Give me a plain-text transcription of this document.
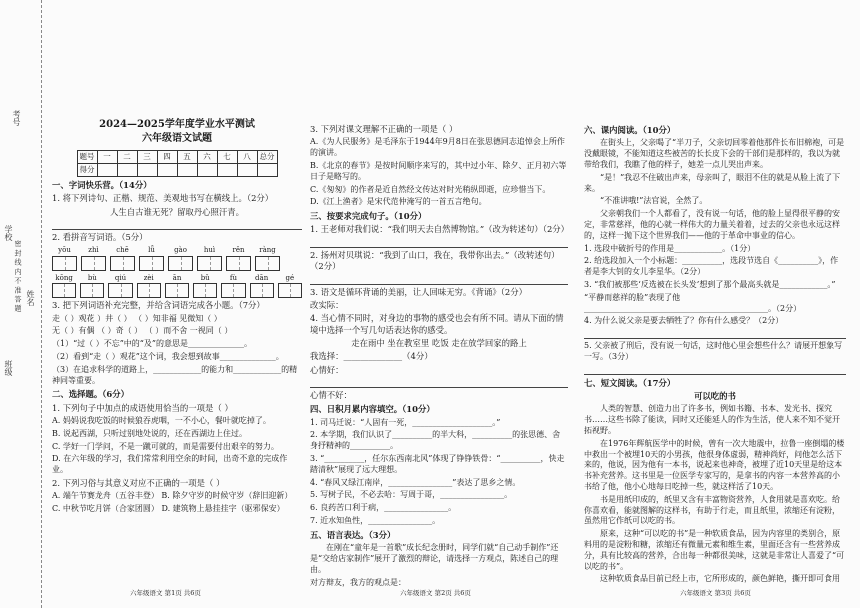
考号
学校
密 封 线 内 不 准 答 题
班级
姓名
2024—2025学年度学业水平测试
六年级语文试题
题号	一	二	三	四	五	六	七	八	总分
得分									
一、字词快乐营。（14分）
1. 将下列诗句、正楷、规范、美观地书写在横线上。（2分）
人生自古谁无死？留取丹心照汗青。
2. 看拼音写词语。（5分）
yōu	zhì	chē	lǚ	gào	huì	rěn	ràng
kōng	bù	qiú	zèi	ān	bǔ	fù	dān	gé
3. 把下列词语补充完整，并给含词语完成各小题。（7分）
走（ ）观花 ）井（ ） （ ）知非福 见微知（ ）
无（ ）有偶 （ ）奇（ ） （ ）而不舍 一视同（ ）
（1）“过（ ）不忘”中的“及”的意思是______________。
（2）看到“走（ ）观花”这个词，我会想到故事______________。
（3）在追求科学的道路上，____________的能力和____________的精神同等重要。
二、选择题。（6分）
1. 下列句子中加点的成语使用恰当的一项是（ ）
A. 妈妈说我吃饭的时候狼吞虎咽，一不小心，餐叶就吃掉了。
B. 说起西湖，只听过别地处说的，还在西湖边上住过。
C. 学好一门学问，不是一蹴可就的，而是需要付出艰辛的努力。
D. 在六年级的学习，我们常常利用空余的时间，出奇不意的完成作业。
2. 下列习俗与其意义对应不正确的一项是（ ）
A. 端午节赛龙舟（五谷丰登） B. 除夕守岁的时候守岁（辞旧迎新）
C. 中秋节吃月饼（合家团圆） D. 建筑物上悬挂挂字（驱邪保安）
六年级语文 第1页 共6页
3. 下列对课文理解不正确的一项是（ ）
A.《为人民服务》是毛泽东于1944年9月8日在张思德同志追悼会上所作的演讲。
B.《北京的春节》是按时间顺序来写的，其中过小年、除夕、正月初六等日子是略写的。
C.《匆匆》的作者是近自然经文传达对时光稍纵即逝，应珍惜当下。
D.《江上渔者》是宋代范仲淹写的一首五言绝句。
三、按要求完成句子。（10分）
1. 王老师对我们说：“我们明天去自然博物馆。”（改为转述句）（2分）
2. 扬州对贝琪说：“我到了山口，我在，我带你出去。”（改转述句）（2分）
3. 语文是循环背诵的美丽，让人回味无穷。《背诵》（2分）
改实际：
4. 当心情不同时，对身边的事物的感受也会有所不同。请从下面的情境中选择一个写几句话表达你的感受。
走在雨中 坐在教室里 吃饭 走在放学回家的路上
我选择：______________（4分）
心情好：
心情不好：
四、日积月累内容填空。（10分）
1. 司马迁说：“人固有一死，____________________。”
2. 本学期，我们认识了__________的半大科，__________的张思德、舍身抒精神的__________。
3. “__________，任尔东西南北风”体现了铮铮铁骨：“__________，快走踏清秋”展现了远大理想。
4. “春风又绿江南岸，________________”表达了思乡之情。
5. 写树子民，不必去哈：写周于哥，________________。
6. 良药苦口利于病，________________。
7. 近水知鱼性，________________。
五、语言表达。（3分）
在刚在“童年是一首歌”成长纪念册时，同学们就“自己动手制作”还是“交给店家制作”展开了激烈的辩论，请选择一方观点，陈述自己的理由。
对方辩友，我方的观点是：
六年级语文 第2页 共6页
六、课内阅读。（10分）
在街头上，父亲喝了“半刀子，父亲切回零着他那件长布旧棉袍，可是没戴眼镜，不能知道这些被苦的长长皮下会的干部们是那样的，我以为就带给我们，我瞧了他的样子，她差一点儿哭出声来。
“是！”我忍不住破出声来，母亲叫了，眼泪不住的就是从脸上流了下来。
“不准讲哦!”法官说，全然了。
父亲朝我们一个人都看了，没有说一句话，他的脸上显得很平静的安定，非常慈祥，他的心就一样伟大的力量关着着，过去的父亲也永远这样的，这样一抛下这个世界我们——他的于革命中事业的信心。
1. 选段中破折号的作用是____________。（1分）
2. 给选段加入一个小标题：__________，选段节选自《__________》，作者是李大钊的女儿李星华。（2分）
3. “我们被那些‘反选被在长头发’想到了那个最高头就是____________。”
“平静而慈祥的脸”表现了他______________________________________________。（2分）
4. 为什么说父亲是要去牺牲了？你有什么感受？（2分）
5. 父亲被了刑后，没有说一句话，这时他心里会想些什么？请展开想象写一写。（3分）
七、短文阅读。（17分）
可以吃的书
人类的智慧、创造力出了许多书，例如书籍、书本、发光书、探究书……这些书除了能读，同时又还能延人的作为生活，使人来不知不觉开拓视野。
在1976年辉航医学中的时候，曾有一次大地震中，拉鲁一座倒塌的楼中救出一个被埋10天的小男孩，他很身体虚弱，精神尚好，问他怎么活下来的，他说，因为他有一本书，说起来也神奇，被埋了近10天里是给这本书补充营养。这书里是一位医学专家写的，是拿书的内容一本营养高的小书给了他，他小心地每日吃掉一些，就这样活了10天。
书是用纸印成的，纸里又含有丰富物资营养，人食用就是喜欢吃。给你喜欢看，能就图解的这样书，有助于行走，而且纸里，浓缩还有淀粉，虽然用它作纸可以吃的书。
原来，这种“可以吃的书”是一种软质食品，因为内容里的类别合，原料用的是淀粉和糖，浓缩还有微量元素和维生素，里面还含有一些营养成分，具有比较高的营养，合出每一种都很美味，这就是非常让人喜爱了“可以吃的书”。
这种软质食品目前已经上市，它所形成的，颜色鲜艳，撕开即可食用
六年级语文 第3页 共6页
